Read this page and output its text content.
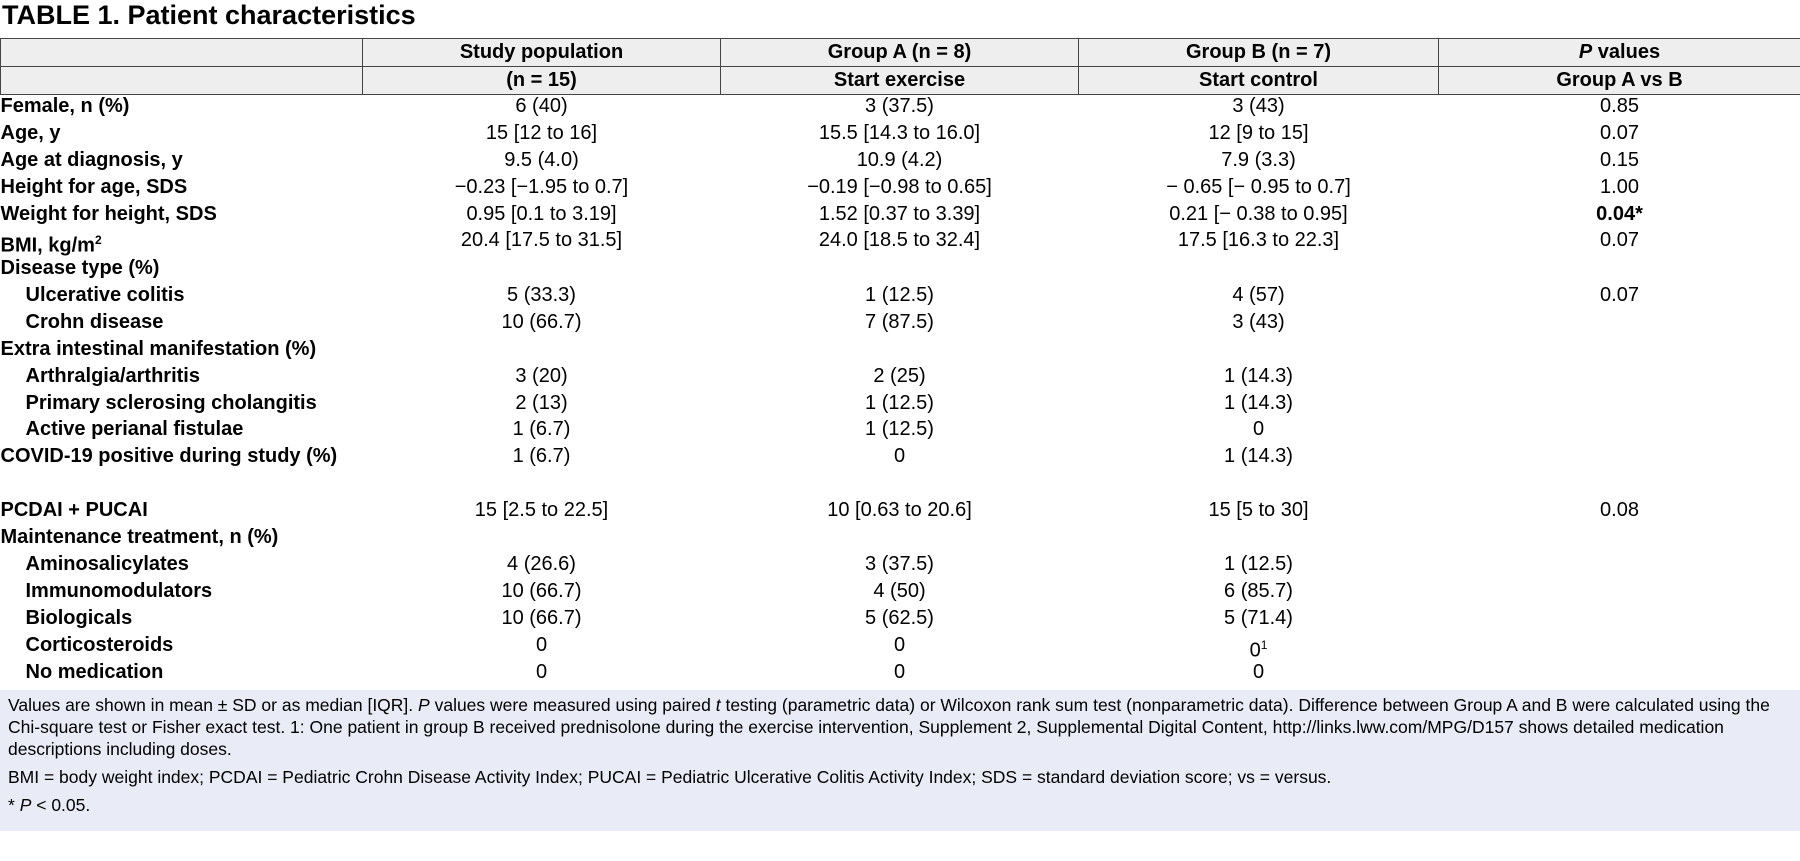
TABLE 1. Patient characteristics
	Study population	Group A (n = 8)	Group B (n = 7)	P values
	(n = 15)	Start exercise	Start control	Group A vs B
Female, n (%)	6 (40)	3 (37.5)	3 (43)	0.85
Age, y	15 [12 to 16]	15.5 [14.3 to 16.0]	12 [9 to 15]	0.07
Age at diagnosis, y	9.5 (4.0)	10.9 (4.2)	7.9 (3.3)	0.15
Height for age, SDS	−0.23 [−1.95 to 0.7]	−0.19 [−0.98 to 0.65]	− 0.65 [− 0.95 to 0.7]	1.00
Weight for height, SDS	0.95 [0.1 to 3.19]	1.52 [0.37 to 3.39]	0.21 [− 0.38 to 0.95]	0.04*
BMI, $kg/m^2$	20.4 [17.5 to 31.5]	24.0 [18.5 to 32.4]	17.5 [16.3 to 22.3]	0.07
Disease type (%)				
Ulcerative colitis	5 (33.3)	1 (12.5)	4 (57)	0.07
Crohn disease	10 (66.7)	7 (87.5)	3 (43)	
Extra intestinal manifestation (%)				
Arthralgia/arthritis	3 (20)	2 (25)	1 (14.3)	
Primary sclerosing cholangitis	2 (13)	1 (12.5)	1 (14.3)	
Active perianal fistulae	1 (6.7)	1 (12.5)	0	
COVID-19 positive during study (%)	1 (6.7)	0	1 (14.3)	
PCDAI + PUCAI	15 [2.5 to 22.5]	10 [0.63 to 20.6]	15 [5 to 30]	0.08
Maintenance treatment, n (%)				
Aminosalicylates	4 (26.6)	3 (37.5)	1 (12.5)	
Immunomodulators	10 (66.7)	4 (50)	6 (85.7)	
Biologicals	10 (66.7)	5 (62.5)	5 (71.4)	
Corticosteroids	0	0	$0^1$	
No medication	0	0	0	

Values are shown in mean ± SD or as median [IQR]. P values were measured using paired t testing (parametric data) or Wilcoxon rank sum test (nonparametric data). Difference between Group A and B were calculated using the Chi-square test or Fisher exact test. 1: One patient in group B received prednisolone during the exercise intervention, Supplement 2, Supplemental Digital Content, http://links.lww.com/MPG/D157 shows detailed medication descriptions including doses.

BMI = body weight index; PCDAI = Pediatric Crohn Disease Activity Index; PUCAI = Pediatric Ulcerative Colitis Activity Index; SDS = standard deviation score; vs = versus.

* P < 0.05.
